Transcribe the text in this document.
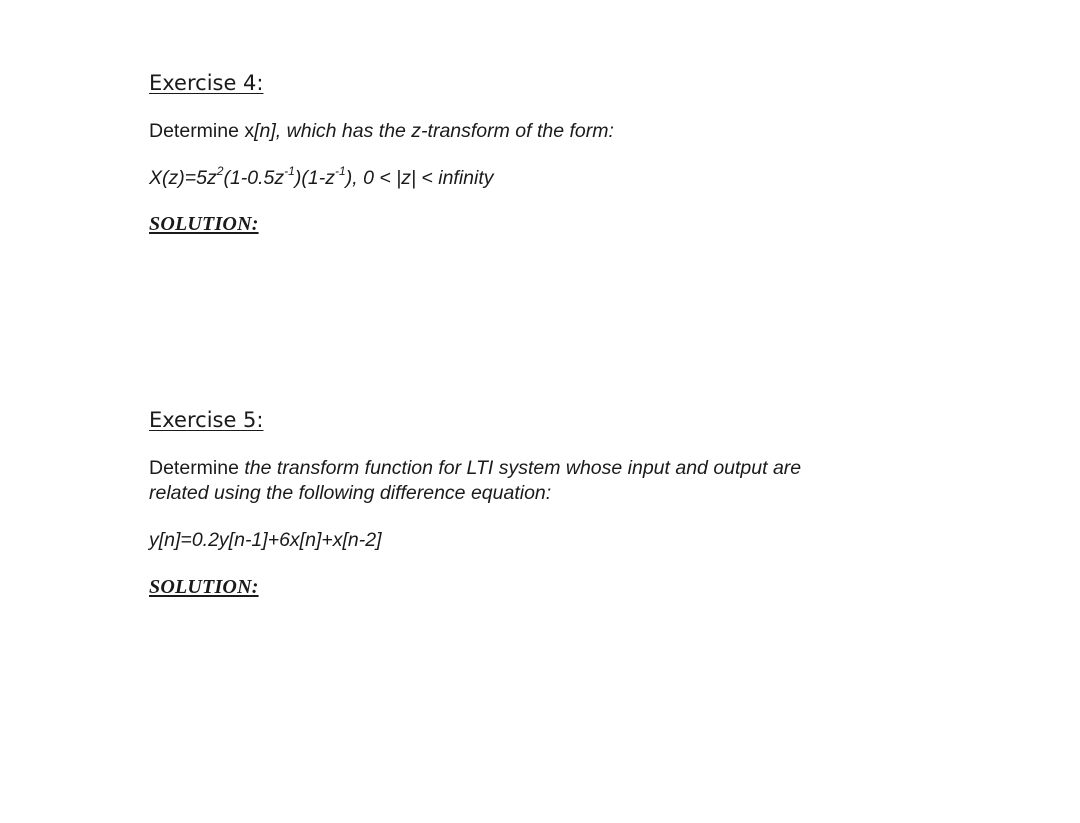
Exercise 4:
Determine x[n], which has the z-transform of the form:
$X(z)=5z^2(1-0.5z^{-1})(1-z^{-1})$, 0 < |z| < infinity
SOLUTION:
Exercise 5:
Determine the transform function for LTI system whose input and output are
related using the following difference equation:
y[n]=0.2y[n-1]+6x[n]+x[n-2]
SOLUTION:
